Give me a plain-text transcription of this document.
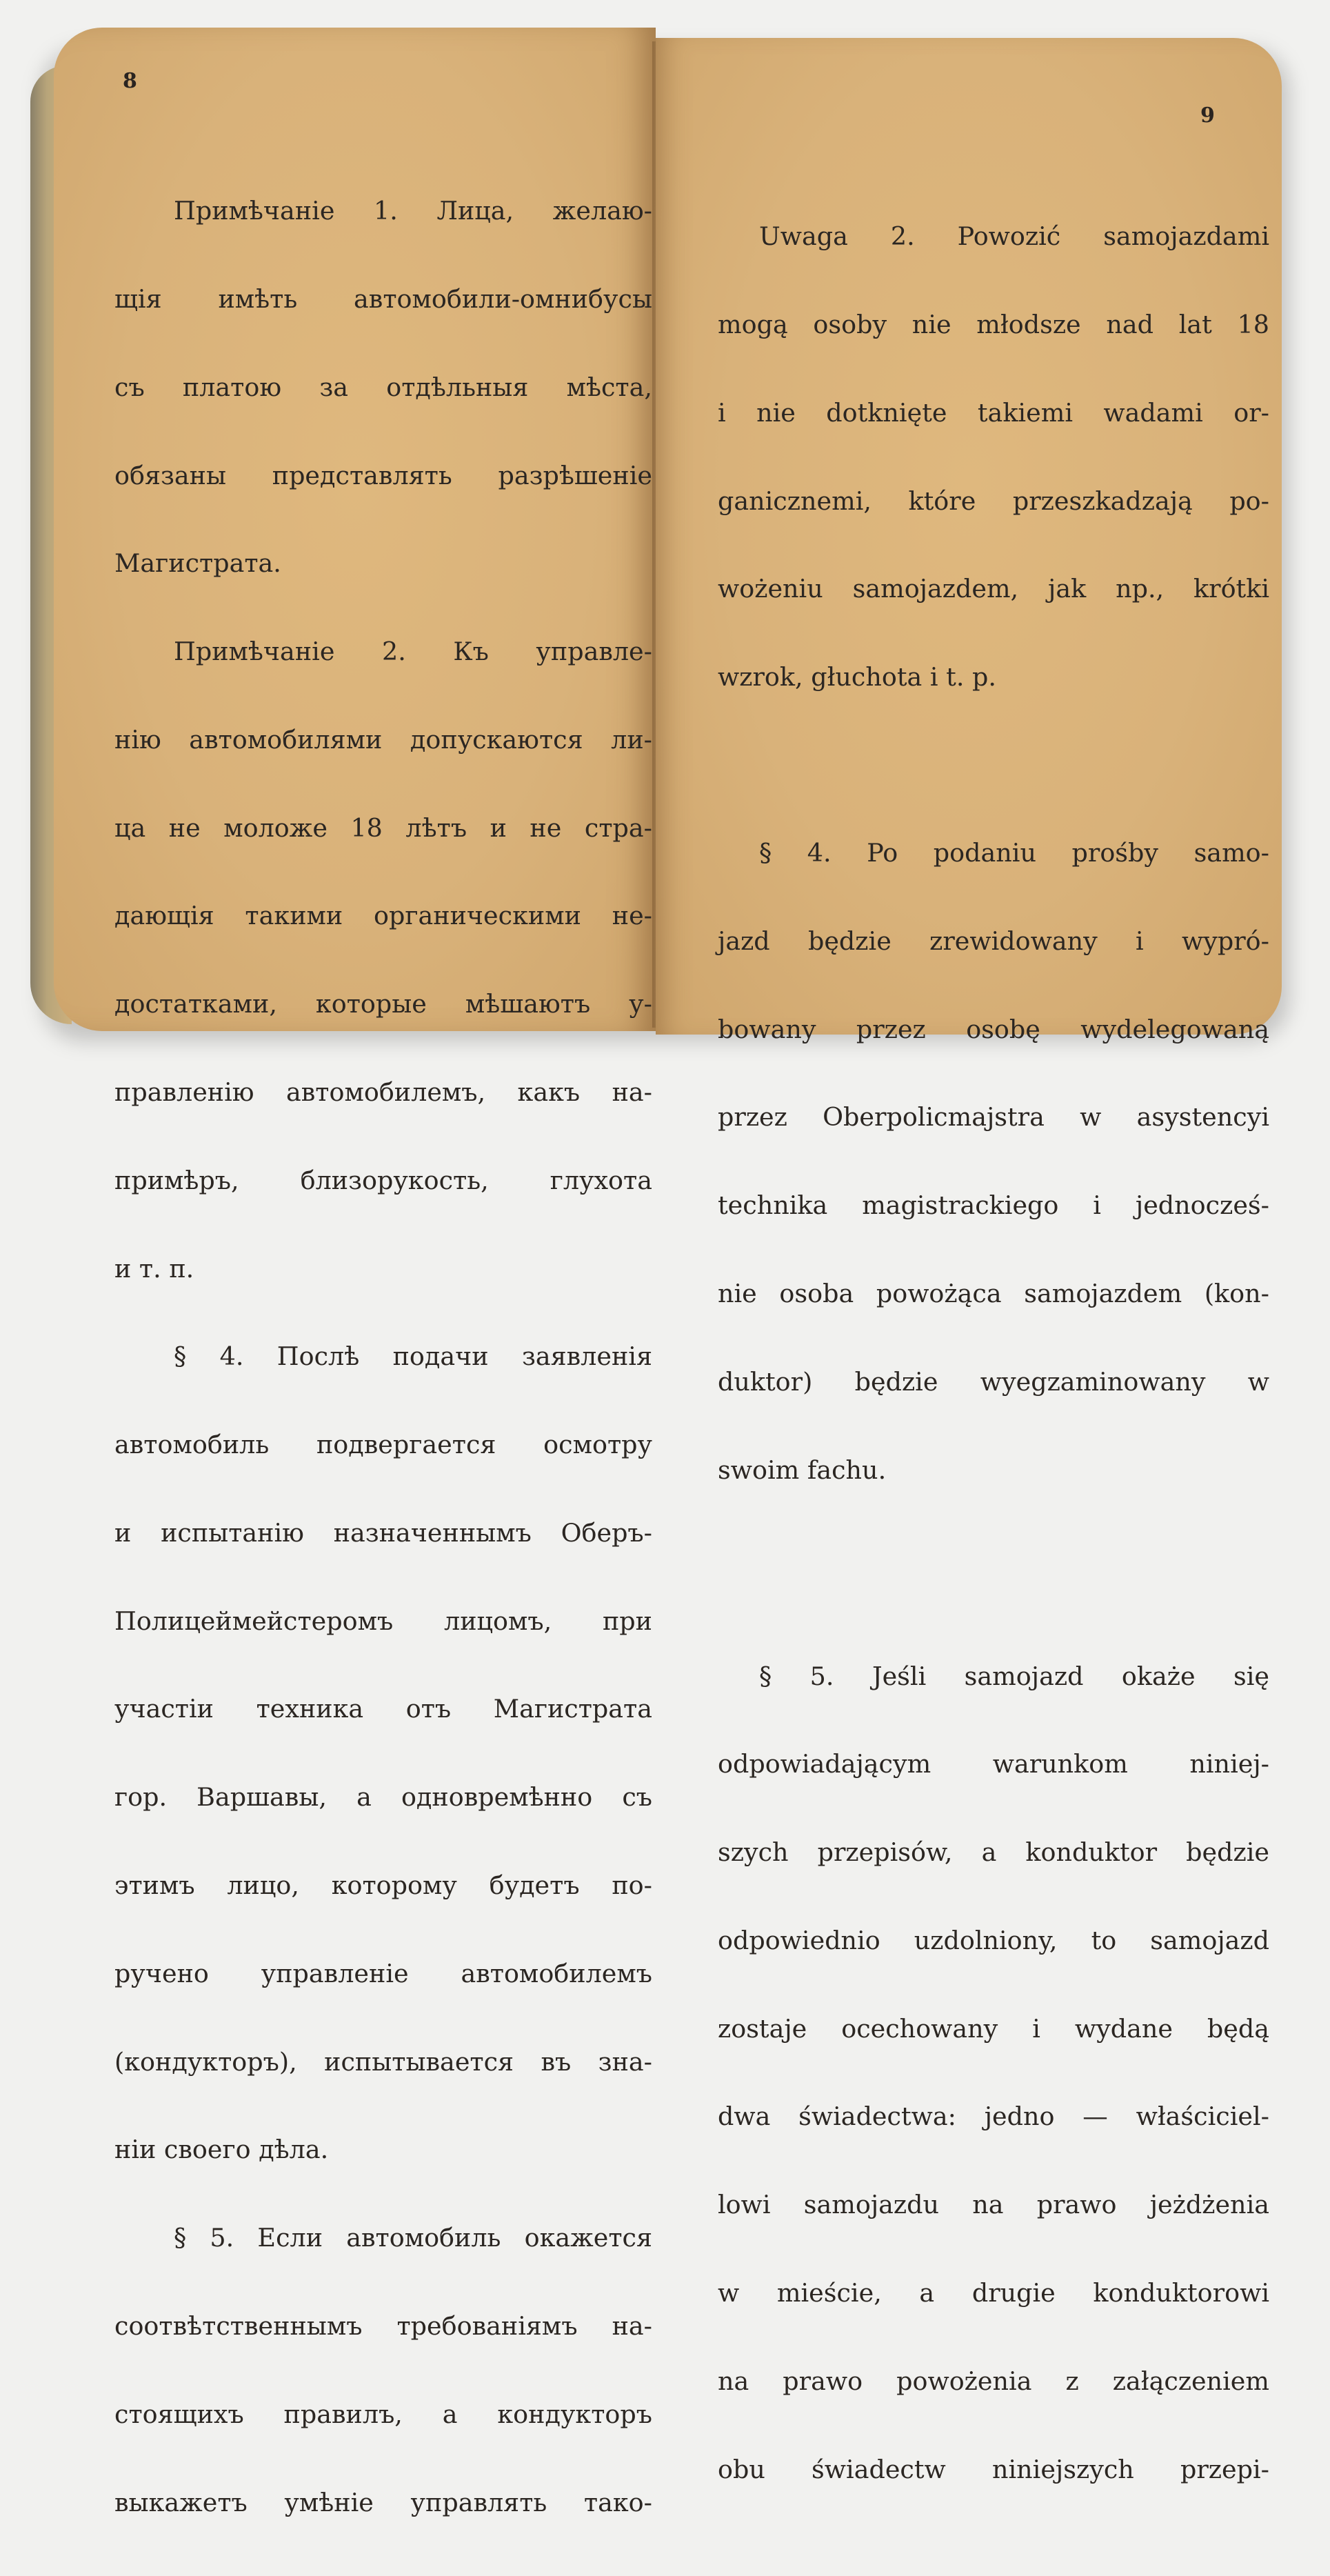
8

Примѣчаніе 1. Лица, желаю-

щія имѣть автомобили-омнибусы

съ платою за отдѣльныя мѣста,

обязаны представлять разрѣшеніе

Магистрата.

Примѣчаніе 2. Къ управле-

нію автомобилями допускаются ли-

ца не моложе 18 лѣтъ и не стра-

дающія такими органическими не-

достатками, которые мѣшаютъ у-

правленію автомобилемъ, какъ на-

примѣръ, близорукость, глухота

и т. п.

§ 4. Послѣ подачи заявленія

автомобиль подвергается осмотру

и испытанію назначеннымъ Оберъ-

Полицеймейстеромъ лицомъ, при

участіи техника отъ Магистрата

гор. Варшавы, а одновремѣнно съ

этимъ лицо, которому будетъ по-

ручено управленіе автомобилемъ

(кондукторъ), испытывается въ зна-

ніи своего дѣла.

§ 5. Если автомобиль окажется

соотвѣтственнымъ требованіямъ на-

стоящихъ правилъ, а кондукторъ

выкажетъ умѣніе управлять тако-

9

Uwaga 2. Powozić samojazdami

mogą osoby nie młodsze nad lat 18

i nie dotknięte takiemi wadami or-

ganicznemi, które przeszkadzają po-

wożeniu samojazdem, jak np., krótki

wzrok, głuchota i t. p.

§ 4. Po podaniu prośby samo-

jazd będzie zrewidowany i wypró-

bowany przez osobę wydelegowaną

przez Oberpolicmajstra w asystencyi

technika magistrackiego i jednocześ-

nie osoba powożąca samojazdem (kon-

duktor) będzie wyegzaminowany w

swoim fachu.

§ 5. Jeśli samojazd okaże się

odpowiadającym warunkom niniej-

szych przepisów, a konduktor będzie

odpowiednio uzdolniony, to samojazd

zostaje ocechowany i wydane będą

dwa świadectwa: jedno — właściciel-

lowi samojazdu na prawo jeżdżenia

w mieście, a drugie konduktorowi

na prawo powożenia z załączeniem

obu świadectw niniejszych przepi-
